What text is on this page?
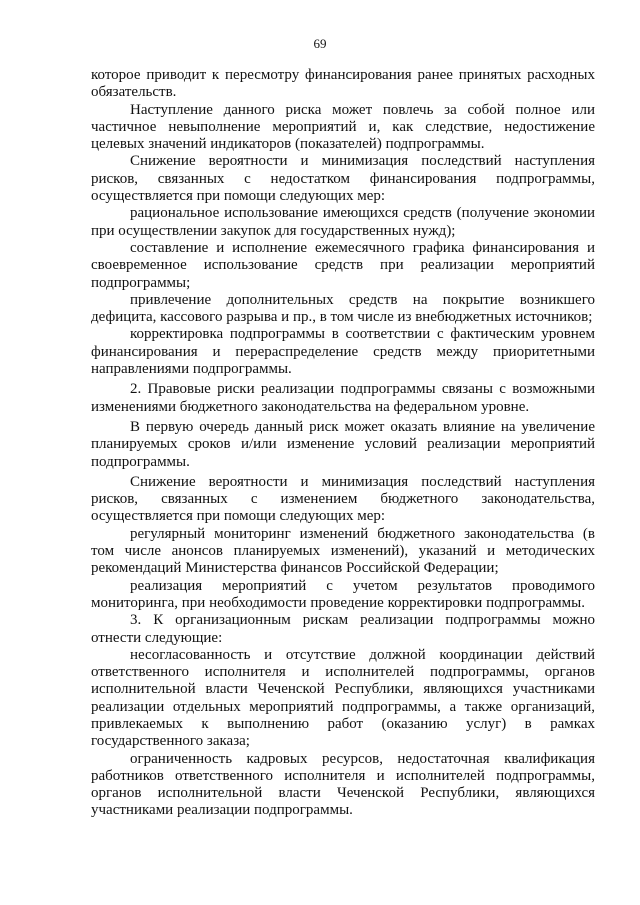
69

которое приводит к пересмотру финансирования ранее принятых расходных обязательств.

Наступление данного риска может повлечь за собой полное или частичное невыполнение мероприятий и, как следствие, недостижение целевых значений индикаторов (показателей) подпрограммы.

Снижение вероятности и минимизация последствий наступления рисков, связанных с недостатком финансирования подпрограммы, осуществляется при помощи следующих мер:

рациональное использование имеющихся средств (получение экономии при осуществлении закупок для государственных нужд);

составление и исполнение ежемесячного графика финансирования и своевременное использование средств при реализации мероприятий подпрограммы;

привлечение дополнительных средств на покрытие возникшего дефицита, кассового разрыва и пр., в том числе из внебюджетных источников;

корректировка подпрограммы в соответствии с фактическим уровнем финансирования и перераспределение средств между приоритетными направлениями подпрограммы.

2. Правовые риски реализации подпрограммы связаны с возможными изменениями бюджетного законодательства на федеральном уровне.

В первую очередь данный риск может оказать влияние на увеличение планируемых сроков и/или изменение условий реализации мероприятий подпрограммы.

Снижение вероятности и минимизация последствий наступления рисков, связанных с изменением бюджетного законодательства, осуществляется при помощи следующих мер:

регулярный мониторинг изменений бюджетного законодательства (в том числе анонсов планируемых изменений), указаний и методических рекомендаций Министерства финансов Российской Федерации;

реализация мероприятий с учетом результатов проводимого мониторинга, при необходимости проведение корректировки подпрограммы.

3. К организационным рискам реализации подпрограммы можно отнести следующие:

несогласованность и отсутствие должной координации действий ответственного исполнителя и исполнителей подпрограммы, органов исполнительной власти Чеченской Республики, являющихся участниками реализации отдельных мероприятий подпрограммы, а также организаций, привлекаемых к выполнению работ (оказанию услуг) в рамках государственного заказа;

ограниченность кадровых ресурсов, недостаточная квалификация работников ответственного исполнителя и исполнителей подпрограммы, органов исполнительной власти Чеченской Республики, являющихся участниками реализации подпрограммы.
